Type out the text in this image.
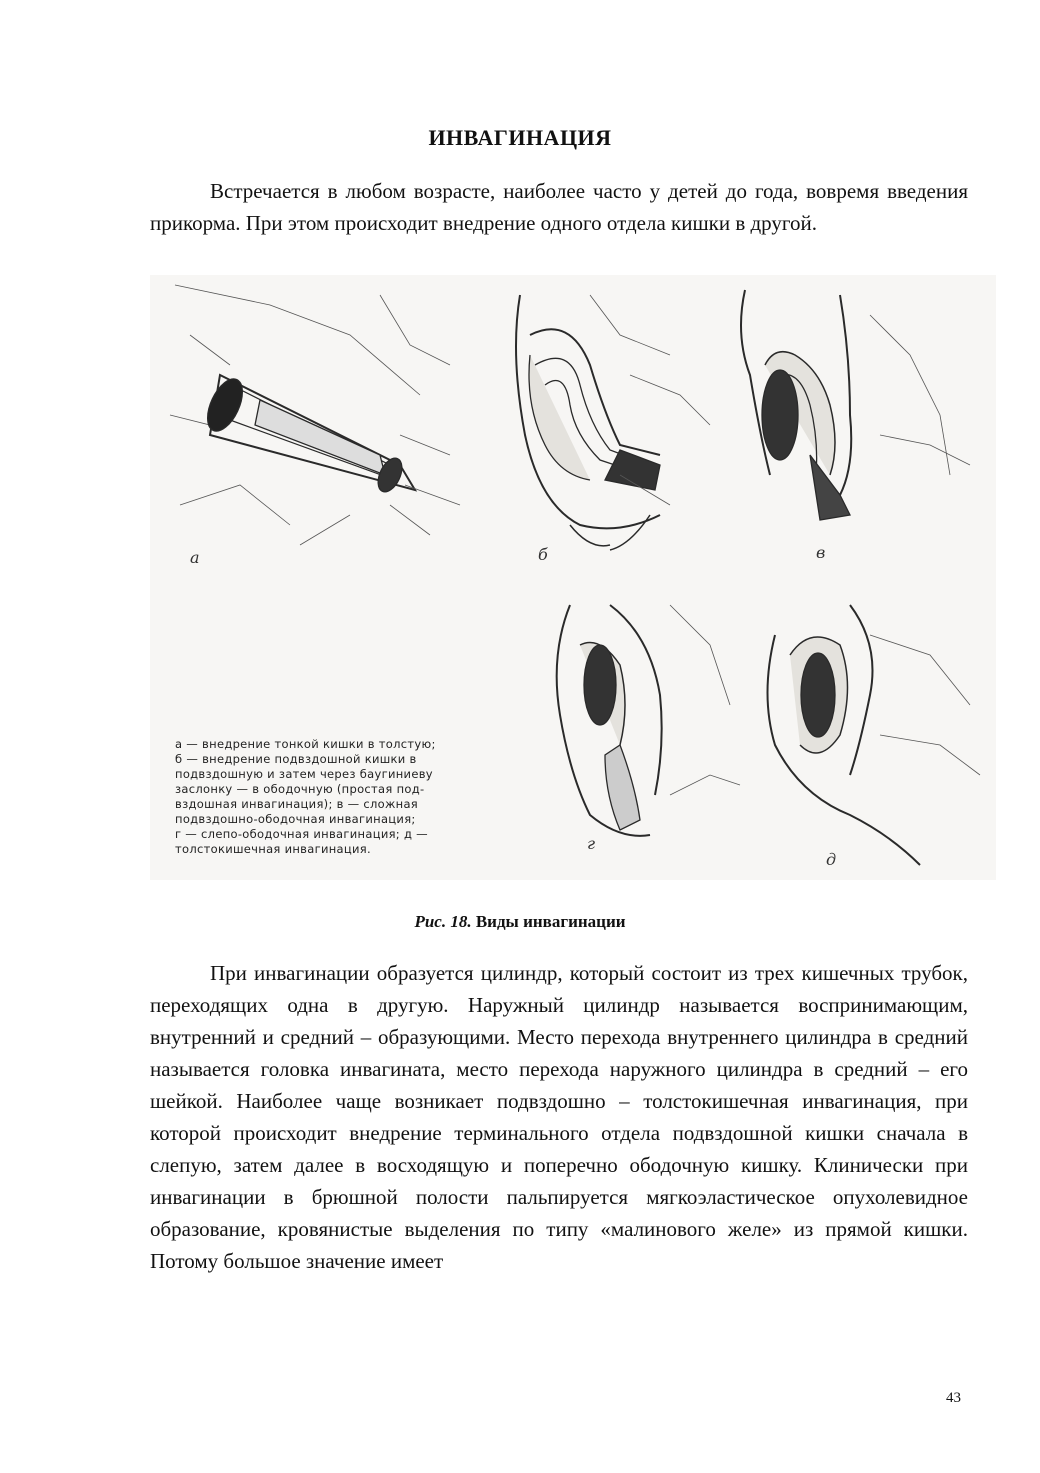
ИНВАГИНАЦИЯ

Встречается в любом возрасте, наиболее часто у детей до года, вовремя введения прикорма. При этом происходит внедрение одного отдела кишки в другой.

а	б	в
г
д
а — внедрение тонкой кишки в толстую;
б — внедрение подвздошной кишки в
подвздошную и затем через баугиниеву
заслонку — в ободочную (простая под-
вздошная инвагинация); в — сложная
подвздошно-ободочная инвагинация;
г — слепо-ободочная инвагинация; д —
толстокишечная инвагинация.
Рис. 18. Виды инвагинации

При инвагинации образуется цилиндр, который состоит из трех кишечных трубок, переходящих одна в другую. Наружный цилиндр называется воспринимающим, внутренний и средний – образующими. Место перехода внутреннего цилиндра в средний называется головка инвагината, место перехода наружного цилиндра в средний – его шейкой. Наиболее чаще возникает подвздошно – толстокишечная инвагинация, при которой происходит внедрение терминального отдела подвздошной кишки сначала в слепую, затем далее в восходящую и поперечно ободочную кишку. Клинически при инвагинации в брюшной полости пальпируется мягкоэластическое опухолевидное образование, кровянистые выделения по типу «малинового желе» из прямой кишки. Потому большое значение имеет

43
